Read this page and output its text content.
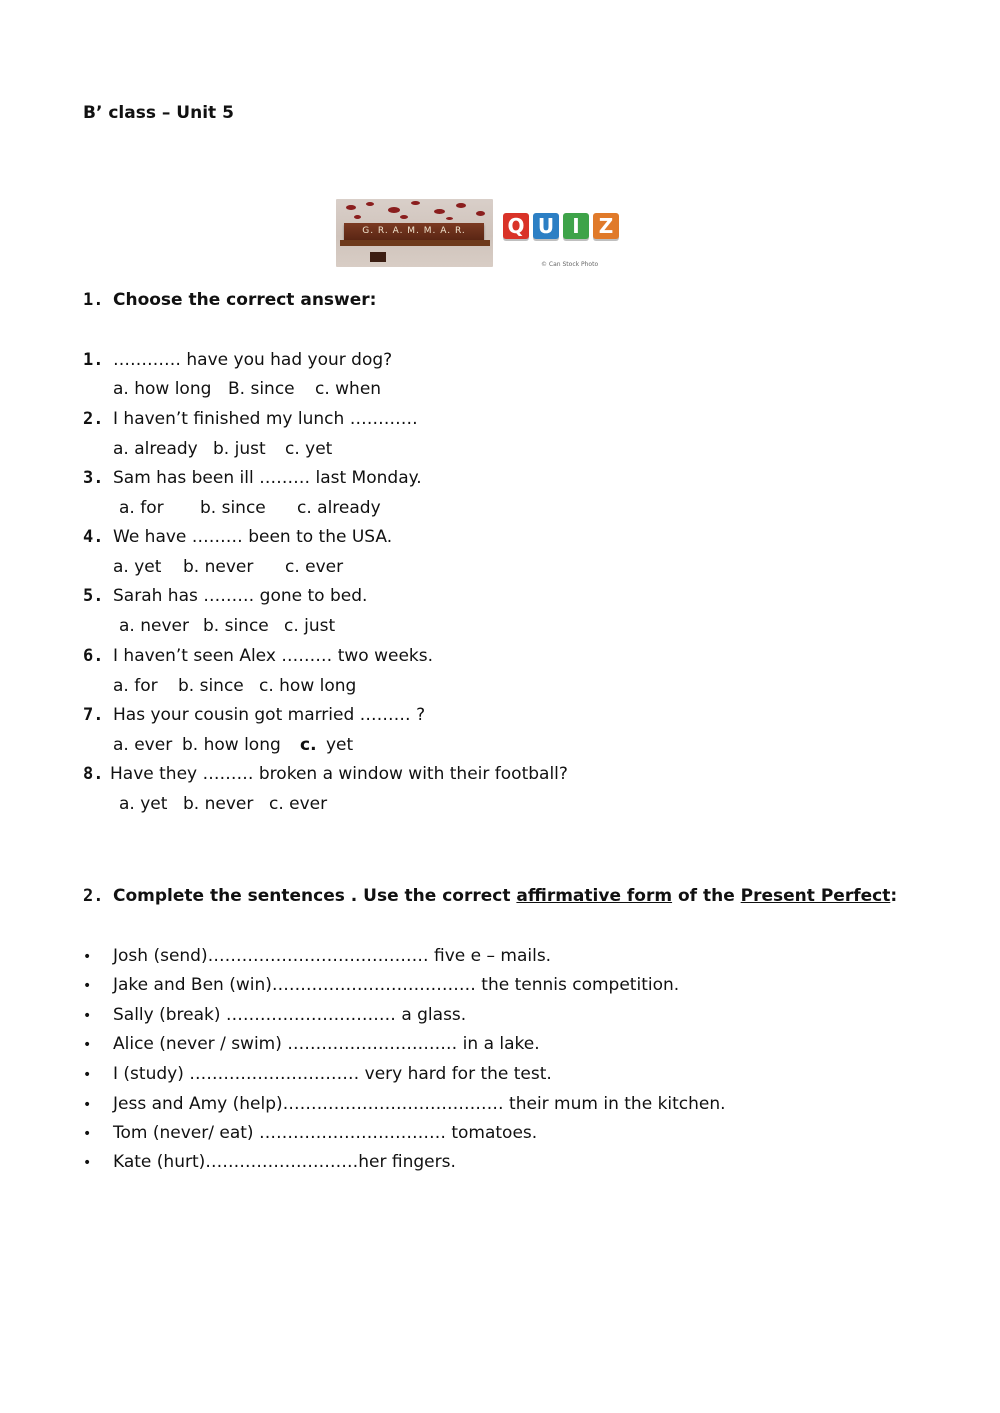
B’ class – Unit 5
G. R. A. M. M. A. R.	Q U I Z
© Can Stock Photo
1. Choose the correct answer:
1. ………… have you had your dog?
a. how long B. since c. when
2. I haven’t finished my lunch …………
a. already b. just c. yet
3. Sam has been ill ……… last Monday.
a. for b. since c. already
4. We have ……… been to the USA.
a. yet b. never c. ever
5. Sarah has ……… gone to bed.
a. never b. since c. just
6. I haven’t seen Alex ……… two weeks.
a. for b. since c. how long
7. Has your cousin got married ……… ?
a. ever b. how long c. yet
8. Have they ……… broken a window with their football?
a. yet b. never c. ever
2. Complete the sentences . Use the correct affirmative form of the Present Perfect:
• Josh (send)………………………………… five e – mails.
• Jake and Ben (win)……………………………… the tennis competition.
• Sally (break) ………………………… a glass.
• Alice (never / swim) ………………………… in a lake.
• I (study) ………………………… very hard for the test.
• Jess and Amy (help)………………………………… their mum in the kitchen.
• Tom (never/ eat) …………………………… tomatoes.
• Kate (hurt)………………………her fingers.
